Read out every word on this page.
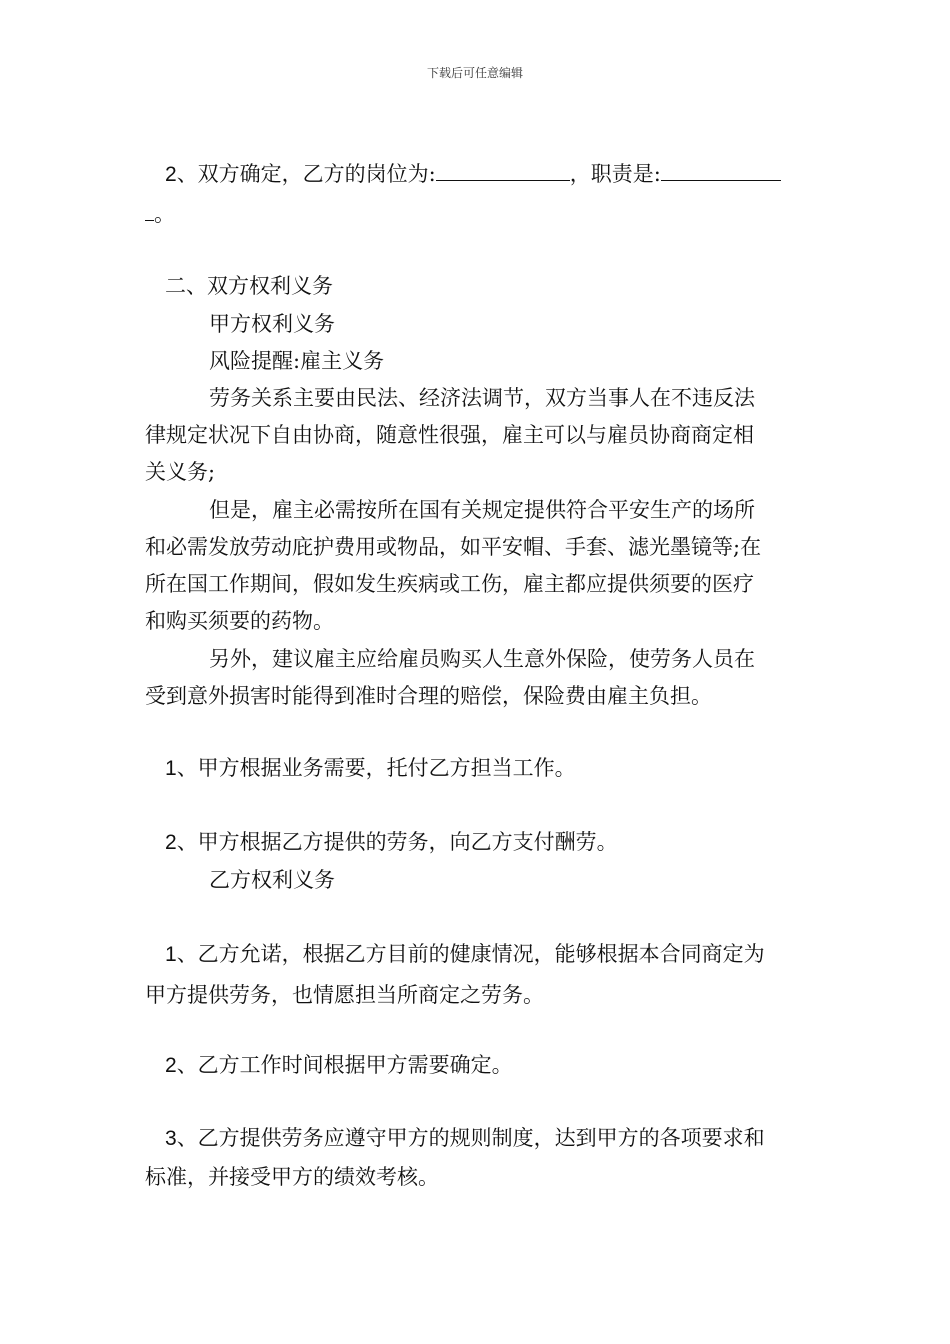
下载后可任意编辑
2、双方确定，乙方的岗位为:	，职责是:
。
二、双方权利义务
甲方权利义务
风险提醒:雇主义务
劳务关系主要由民法、经济法调节，双方当事人在不违反法
律规定状况下自由协商，随意性很强，雇主可以与雇员协商商定相
关义务;
但是，雇主必需按所在国有关规定提供符合平安生产的场所
和必需发放劳动庇护费用或物品，如平安帽、手套、滤光墨镜等;在
所在国工作期间，假如发生疾病或工伤，雇主都应提供须要的医疗
和购买须要的药物。
另外，建议雇主应给雇员购买人生意外保险，使劳务人员在
受到意外损害时能得到准时合理的赔偿，保险费由雇主负担。
1、甲方根据业务需要，托付乙方担当工作。
2、甲方根据乙方提供的劳务，向乙方支付酬劳。
乙方权利义务
1、乙方允诺，根据乙方目前的健康情况，能够根据本合同商定为
甲方提供劳务，也情愿担当所商定之劳务。
2、乙方工作时间根据甲方需要确定。
3、乙方提供劳务应遵守甲方的规则制度，达到甲方的各项要求和
标准，并接受甲方的绩效考核。
